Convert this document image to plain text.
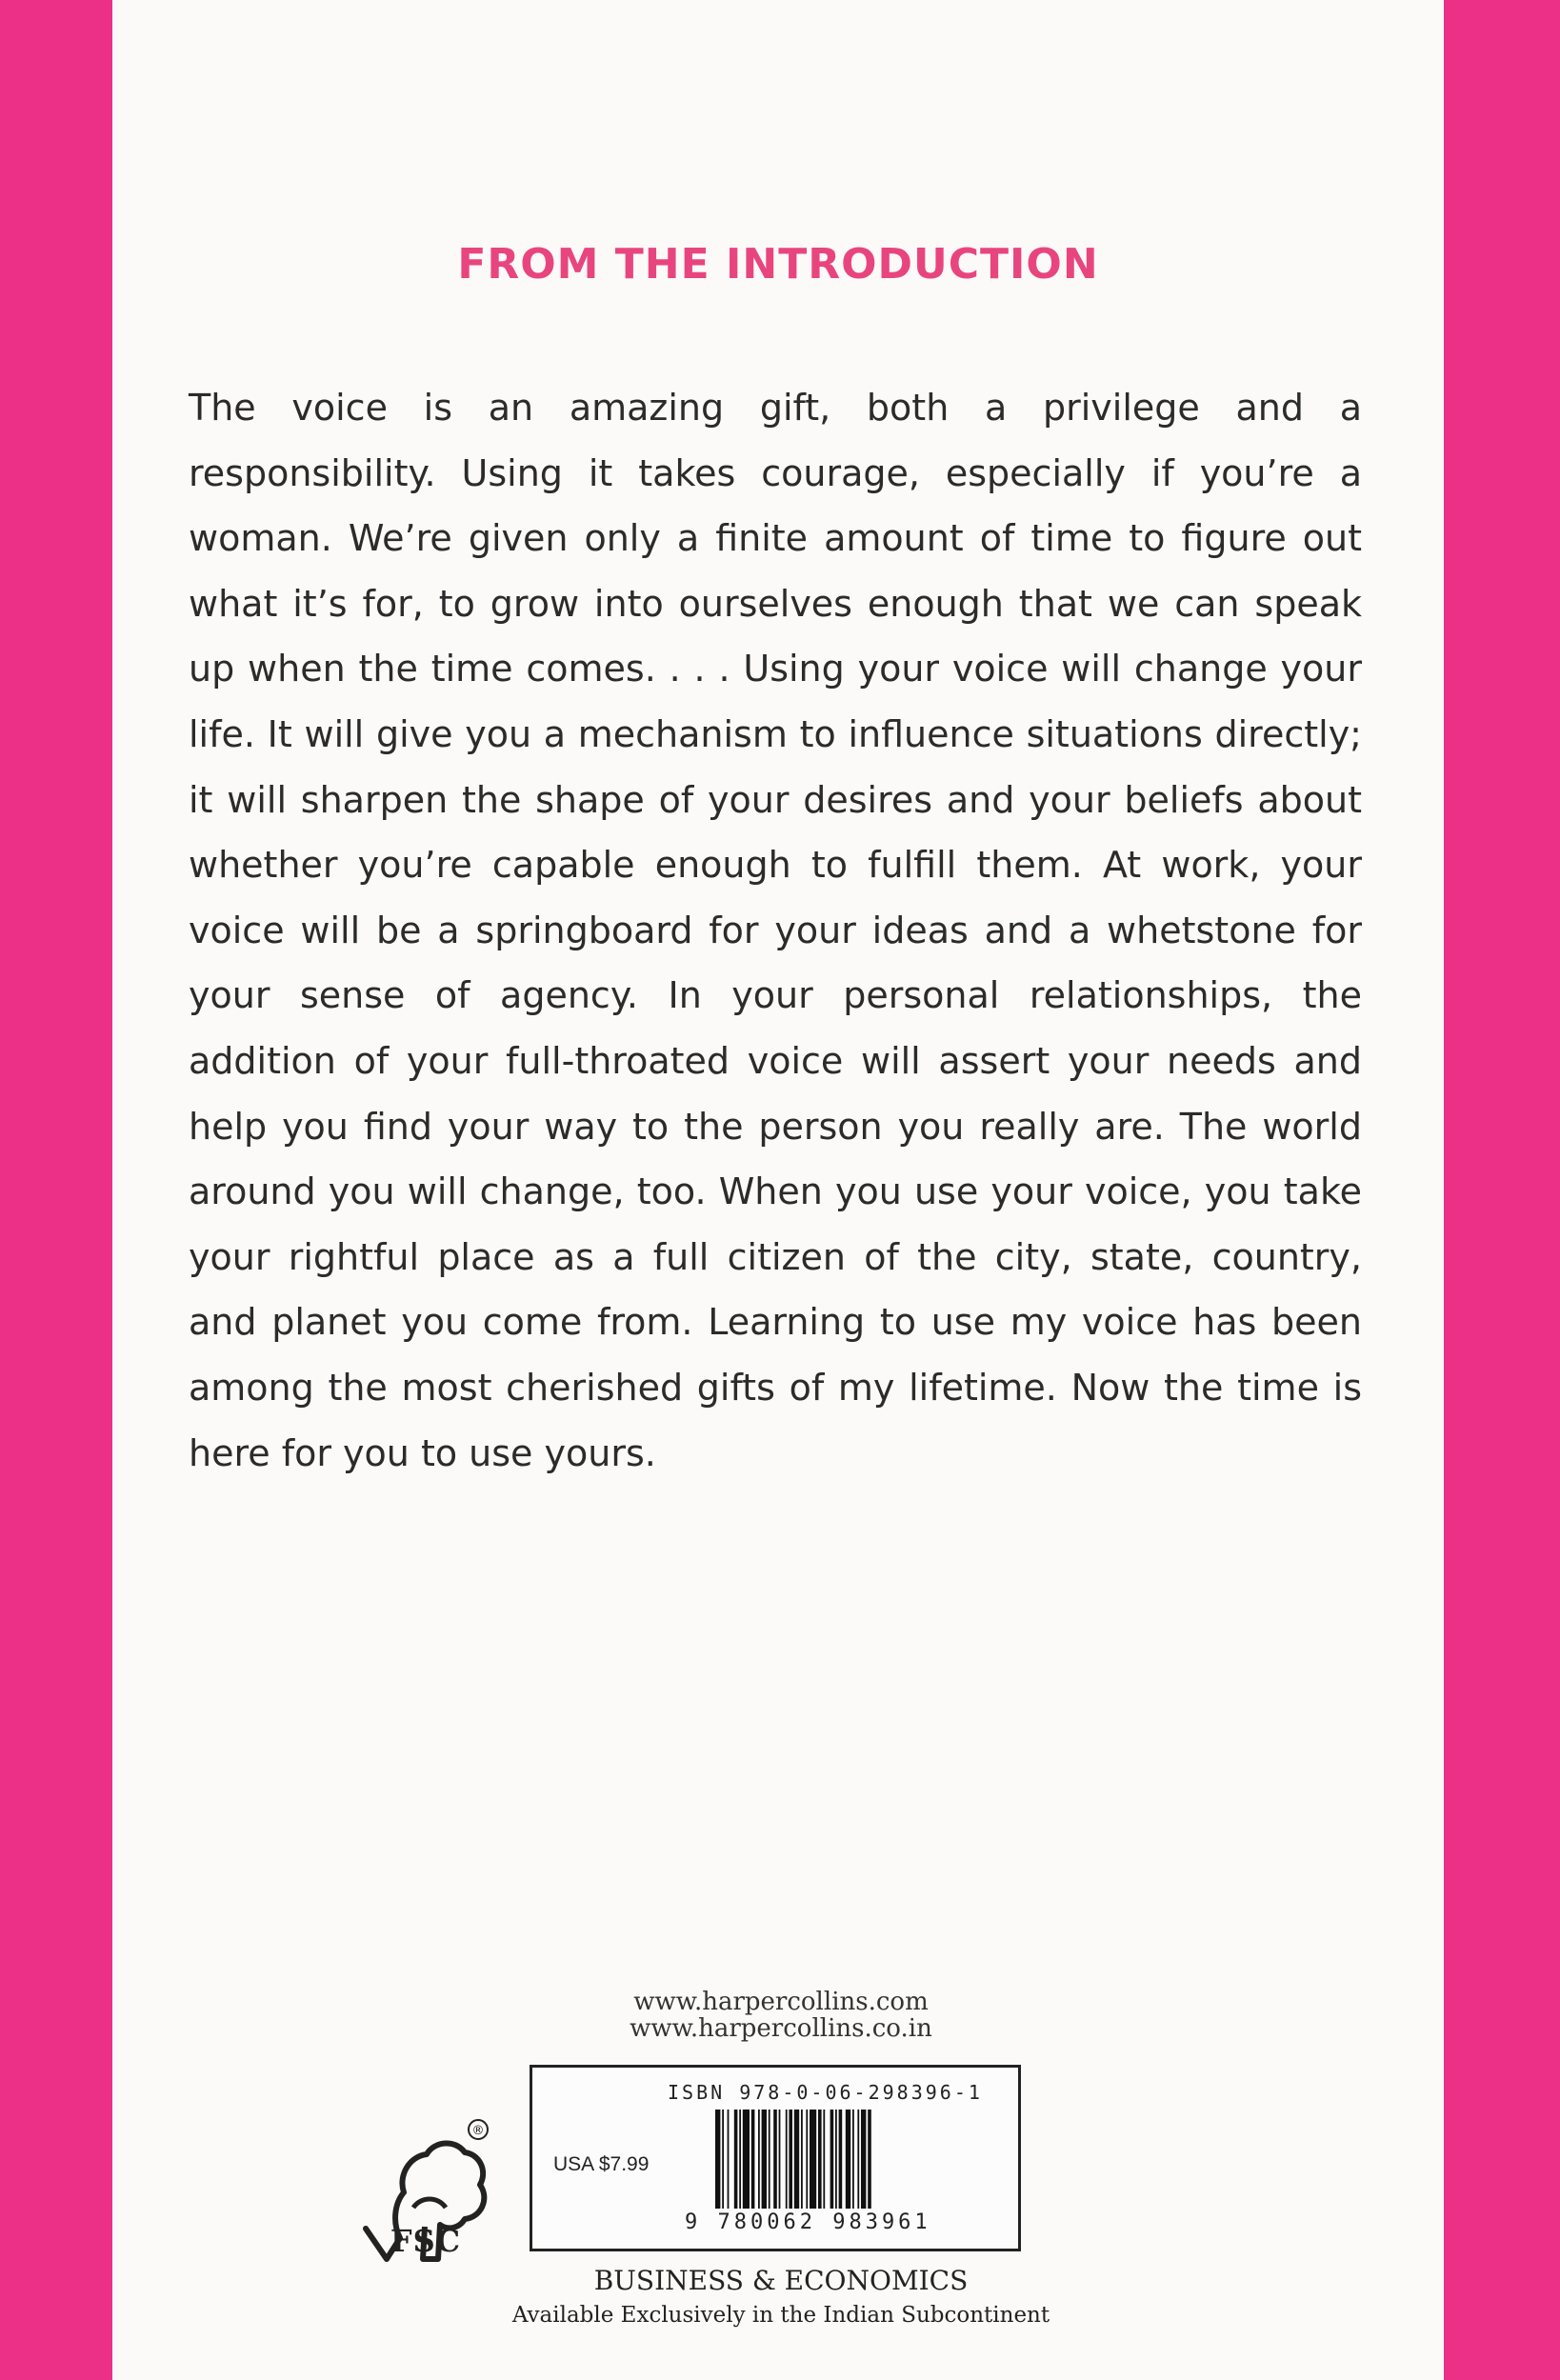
FROM THE INTRODUCTION

The voice is an amazing gift, both a privilege and a responsibility. Using it takes courage, especially if you’re a woman. We’re given only a finite amount of time to figure out what it’s for, to grow into ourselves enough that we can speak up when the time comes. . . . Using your voice will change your life. It will give you a mechanism to influence situations directly; it will sharpen the shape of your desires and your beliefs about whether you’re capable enough to fulfill them. At work, your voice will be a springboard for your ideas and a whetstone for your sense of agency. In your personal relationships, the addition of your full-throated voice will assert your needs and help you find your way to the person you really are. The world around you will change, too. When you use your voice, you take your rightful place as a full citizen of the city, state, country, and planet you come from. Learning to use my voice has been among the most cherished gifts of my lifetime. Now the time is here for you to use yours.

www.harpercollins.com
www.harpercollins.co.in
ISBN 978-0-06-298396-1
USA $7.99
9 780062 983961
®
FSC
BUSINESS & ECONOMICS
Available Exclusively in the Indian Subcontinent
